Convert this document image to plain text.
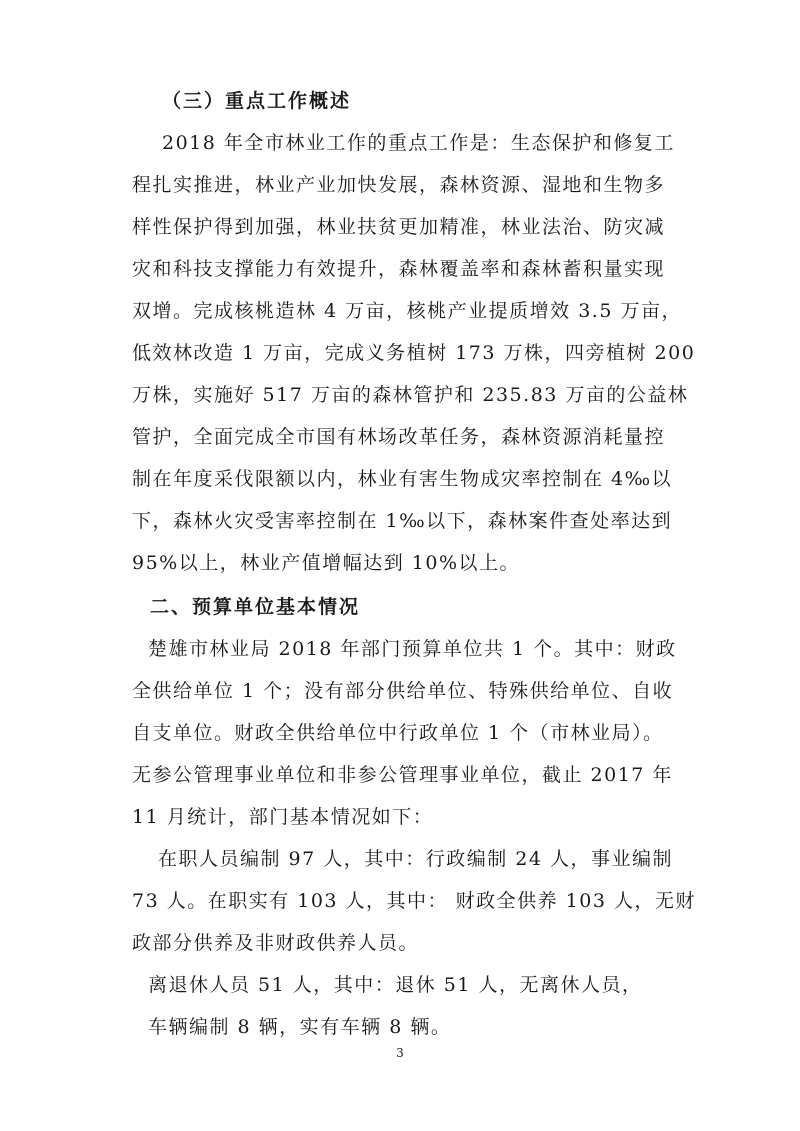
（三）重点工作概述
2018 年全市林业工作的重点工作是：生态保护和修复工
程扎实推进，林业产业加快发展，森林资源、湿地和生物多
样性保护得到加强，林业扶贫更加精准，林业法治、防灾减
灾和科技支撑能力有效提升，森林覆盖率和森林蓄积量实现
双增。完成核桃造林 4 万亩，核桃产业提质增效 3.5 万亩，
低效林改造 1 万亩，完成义务植树 173 万株，四旁植树 200
万株，实施好 517 万亩的森林管护和 235.83 万亩的公益林
管护，全面完成全市国有林场改革任务，森林资源消耗量控
制在年度采伐限额以内，林业有害生物成灾率控制在 4‰以
下，森林火灾受害率控制在 1‰以下，森林案件查处率达到
95%以上，林业产值增幅达到 10%以上。
二、预算单位基本情况
楚雄市林业局 2018 年部门预算单位共 1 个。其中：财政
全供给单位 1 个；没有部分供给单位、特殊供给单位、自收
自支单位。财政全供给单位中行政单位 1 个（市林业局）。
无参公管理事业单位和非参公管理事业单位，截止 2017 年
11 月统计，部门基本情况如下：
在职人员编制 97 人，其中：行政编制 24 人，事业编制
73 人。在职实有 103 人，其中： 财政全供养 103 人，无财
政部分供养及非财政供养人员。
离退休人员 51 人，其中：退休 51 人，无离休人员，
车辆编制 8 辆，实有车辆 8 辆。
3
